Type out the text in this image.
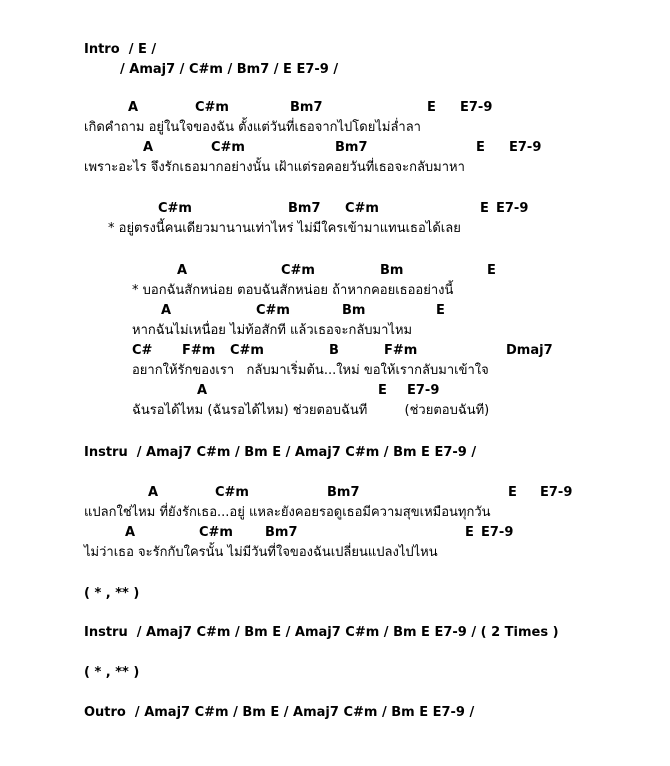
Intro  / E /
/ Amaj7 / C#m / Bm7 / E E7-9 /
A	C#m	Bm7	E E7-9
เกิดคำถาม อยู่ในใจของฉัน ตั้งแต่วันที่เธอจากไปโดยไม่ล่ำลา
A	C#m	Bm7	E E7-9
เพราะอะไร จึงรักเธอมากอย่างนั้น เฝ้าแต่รอคอยวันที่เธอจะกลับมาหา
C#m	Bm7 C#m	E E7-9
* อยู่ตรงนี้คนเดียวมานานเท่าไหร่ ไม่มีใครเข้ามาแทนเธอได้เลย
A	C#m	Bm	E
* บอกฉันสักหน่อย ตอบฉันสักหน่อย ถ้าหากคอยเธออย่างนี้
A	C#m	Bm	E
หากฉันไม่เหนื่อย ไม่ท้อสักที แล้วเธอจะกลับมาไหม
C# F#m C#m	B	F#m	Dmaj7
อยากให้รักของเรา   กลับมาเริ่มต้น...ใหม่ ขอให้เรากลับมาเข้าใจ
A	E E7-9
ฉันรอได้ไหม (ฉันรอได้ไหม) ช่วยตอบฉันที         (ช่วยตอบฉันที)
Instru  / Amaj7 C#m / Bm E / Amaj7 C#m / Bm E E7-9 /
A	C#m	Bm7	E E7-9
แปลกใช่ไหม ที่ยังรักเธอ...อยู่ แหละยังคอยรอดูเธอมีความสุขเหมือนทุกวัน
A	C#m Bm7	E E7-9
ไม่ว่าเธอ จะรักกับใครนั้น ไม่มีวันที่ใจของฉันเปลี่ยนแปลงไปไหน
( * , ** )
Instru  / Amaj7 C#m / Bm E / Amaj7 C#m / Bm E E7-9 / ( 2 Times )
( * , ** )
Outro  / Amaj7 C#m / Bm E / Amaj7 C#m / Bm E E7-9 /
